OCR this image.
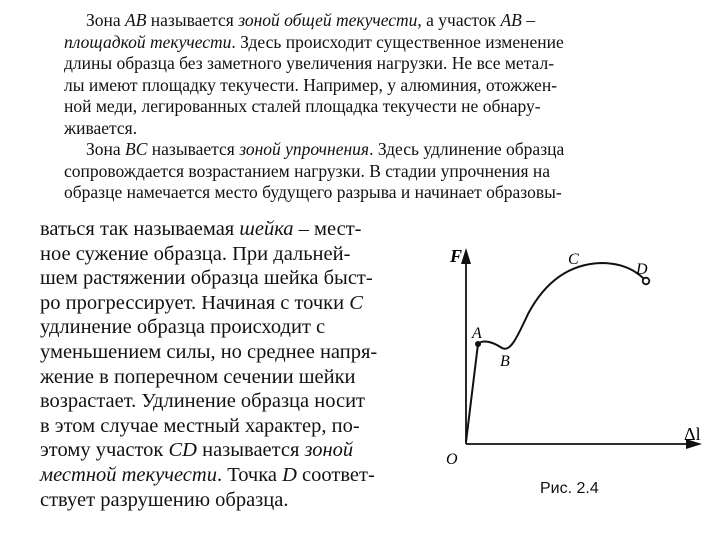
Зона AB называется зоной общей текучести, а участок AB –
площадкой текучести. Здесь происходит существенное изменение
длины образца без заметного увеличения нагрузки. Не все метал-
лы имеют площадку текучести. Например, у алюминия, отожжен-
ной меди, легированных сталей площадка текучести не обнару-
живается.
Зона BC называется зоной упрочнения. Здесь удлинение образца
сопровождается возрастанием нагрузки. В стадии упрочнения на
образце намечается место будущего разрыва и начинает образовы-
ваться так называемая шейка – мест-
ное сужение образца. При дальней-
шем растяжении образца шейка быст-
ро прогрессирует. Начиная с точки C
удлинение образца происходит с
уменьшением силы, но среднее напря-
жение в поперечном сечении шейки
возрастает. Удлинение образца носит
в этом случае местный характер, по-
этому участок CD называется зоной
местной текучести. Точка D соответ-
ствует разрушению образца.
F
Δl
O
A
B
C
D
Рис. 2.4
